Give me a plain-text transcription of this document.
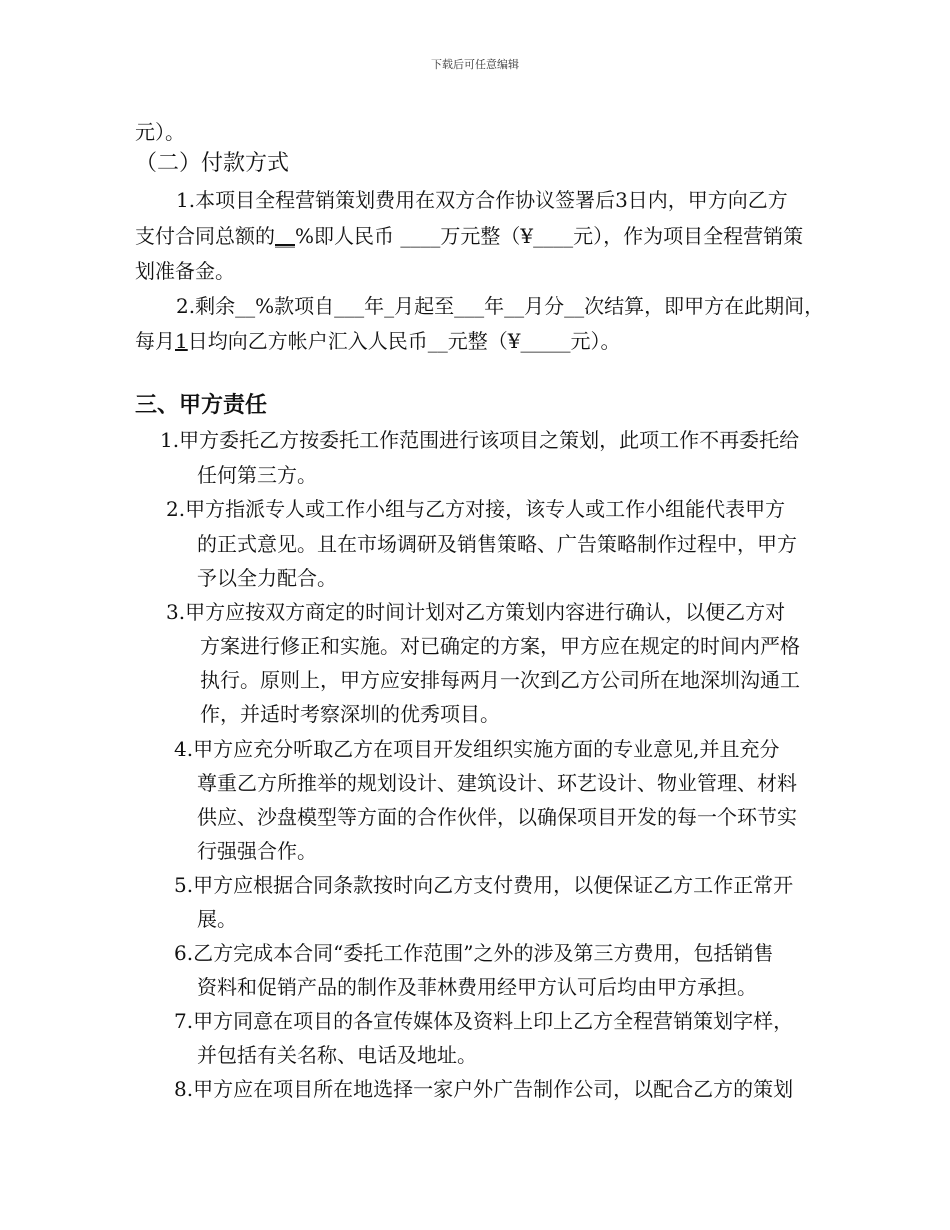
下载后可任意编辑
元）。
（二）付款方式
1.本项目全程营销策划费用在双方合作协议签署后3日内，甲方向乙方
支付合同总额的__%即人民币 ____万元整（¥____元），作为项目全程营销策
划准备金。
2.剩余__%款项自___年_月起至___年__月分__次结算，即甲方在此期间，
每月1日均向乙方帐户汇入人民币__元整（¥_____元）。
三、甲方责任
1.甲方委托乙方按委托工作范围进行该项目之策划，此项工作不再委托给
任何第三方。
2.甲方指派专人或工作小组与乙方对接，该专人或工作小组能代表甲方
的正式意见。且在市场调研及销售策略、广告策略制作过程中，甲方
予以全力配合。
3.甲方应按双方商定的时间计划对乙方策划内容进行确认，以便乙方对
方案进行修正和实施。对已确定的方案，甲方应在规定的时间内严格
执行。原则上，甲方应安排每两月一次到乙方公司所在地深圳沟通工
作，并适时考察深圳的优秀项目。
4.甲方应充分听取乙方在项目开发组织实施方面的专业意见,并且充分
尊重乙方所推举的规划设计、建筑设计、环艺设计、物业管理、材料
供应、沙盘模型等方面的合作伙伴，以确保项目开发的每一个环节实
行强强合作。
5.甲方应根据合同条款按时向乙方支付费用，以便保证乙方工作正常开
展。
6.乙方完成本合同“委托工作范围”之外的涉及第三方费用，包括销售
资料和促销产品的制作及菲林费用经甲方认可后均由甲方承担。
7.甲方同意在项目的各宣传媒体及资料上印上乙方全程营销策划字样，
并包括有关名称、电话及地址。
8.甲方应在项目所在地选择一家户外广告制作公司，以配合乙方的策划
